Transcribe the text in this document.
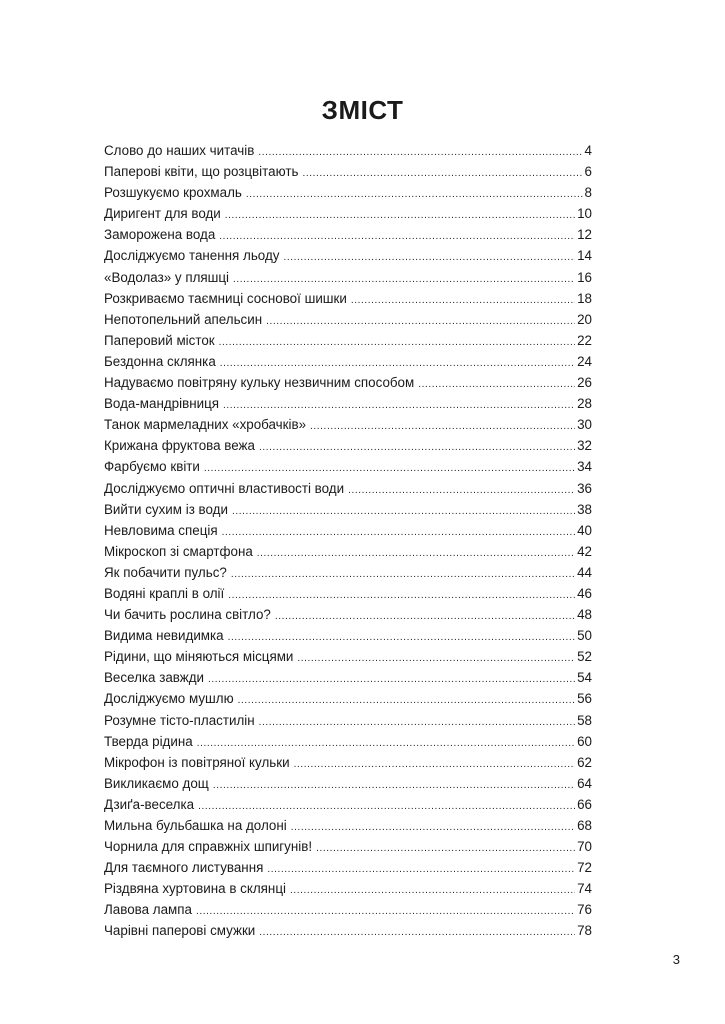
ЗМІСТ
Слово до наших читачів .....	4
Паперові квіти, що розцвітають .....	6
Розшукуємо крохмаль .....	8
Диригент для води .....	10
Заморожена вода .....	12
Досліджуємо танення льоду .....	14
«Водолаз» у пляшці .....	16
Розкриваємо таємниці соснової шишки .....	18
Непотопельний апельсин .....	20
Паперовий місток .....	22
Бездонна склянка .....	24
Надуваємо повітряну кульку незвичним способом .....	26
Вода-мандрівниця .....	28
Танок мармеладних «хробачків» .....	30
Крижана фруктова вежа .....	32
Фарбуємо квіти .....	34
Досліджуємо оптичні властивості води .....	36
Вийти сухим із води .....	38
Невловима спеція .....	40
Мікроскоп зі смартфона .....	42
Як побачити пульс? .....	44
Водяні краплі в олії .....	46
Чи бачить рослина світло? .....	48
Видима невидимка .....	50
Рідини, що міняються місцями .....	52
Веселка завжди .....	54
Досліджуємо мушлю .....	56
Розумне тісто-пластилін .....	58
Тверда рідина .....	60
Мікрофон із повітряної кульки .....	62
Викликаємо дощ .....	64
Дзиґа-веселка .....	66
Мильна бульбашка на долоні .....	68
Чорнила для справжніх шпигунів! .....	70
Для таємного листування .....	72
Різдвяна хуртовина в склянці .....	74
Лавова лампа .....	76
Чарівні паперові смужки .....	78
3
